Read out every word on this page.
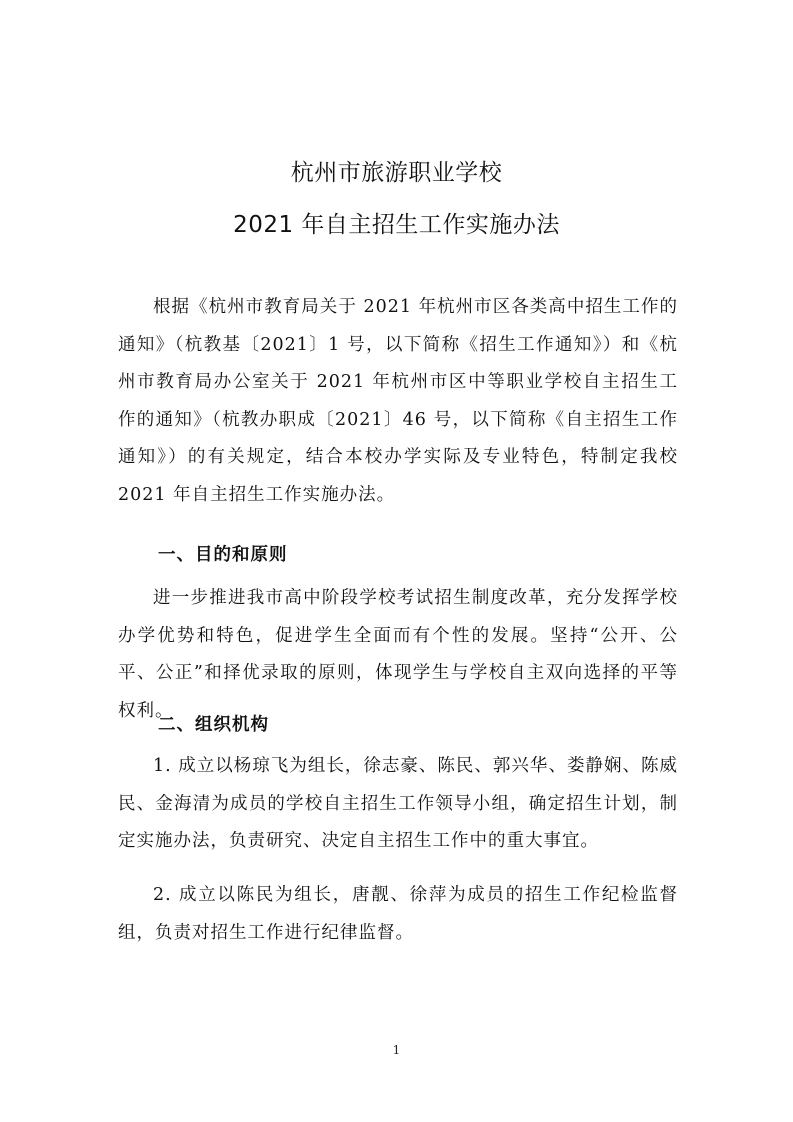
杭州市旅游职业学校
2021 年自主招生工作实施办法

根据《杭州市教育局关于 2021 年杭州市区各类高中招生工作的通知》（杭教基〔2021〕1 号，以下简称《招生工作通知》）和《杭州市教育局办公室关于 2021 年杭州市区中等职业学校自主招生工作的通知》（杭教办职成〔2021〕46 号，以下简称《自主招生工作通知》）的有关规定，结合本校办学实际及专业特色，特制定我校 2021 年自主招生工作实施办法。

一、目的和原则

进一步推进我市高中阶段学校考试招生制度改革，充分发挥学校办学优势和特色，促进学生全面而有个性的发展。坚持“公开、公平、公正”和择优录取的原则，体现学生与学校自主双向选择的平等权利。

二、组织机构

1. 成立以杨琼飞为组长，徐志豪、陈民、郭兴华、娄静娴、陈威民、金海清为成员的学校自主招生工作领导小组，确定招生计划，制定实施办法，负责研究、决定自主招生工作中的重大事宜。

2. 成立以陈民为组长，唐靓、徐萍为成员的招生工作纪检监督组，负责对招生工作进行纪律监督。

1
